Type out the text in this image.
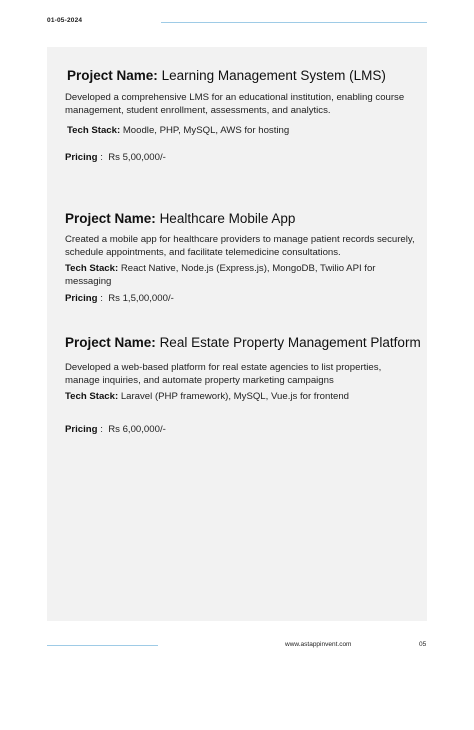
01-05-2024
Project Name: Learning Management System (LMS)
Developed a comprehensive LMS for an educational institution, enabling course management, student enrollment, assessments, and analytics.
Tech Stack: Moodle, PHP, MySQL, AWS for hosting
Pricing :  Rs 5,00,000/-
Project Name: Healthcare Mobile App
Created a mobile app for healthcare providers to manage patient records securely, schedule appointments, and facilitate telemedicine consultations.
Tech Stack: React Native, Node.js (Express.js), MongoDB, Twilio API for messaging
Pricing :  Rs 1,5,00,000/-
Project Name: Real Estate Property Management Platform
Developed a web-based platform for real estate agencies to list properties, manage inquiries, and automate property marketing campaigns
Tech Stack: Laravel (PHP framework), MySQL, Vue.js for frontend
Pricing :  Rs 6,00,000/-
www.astappinvent.com	05
